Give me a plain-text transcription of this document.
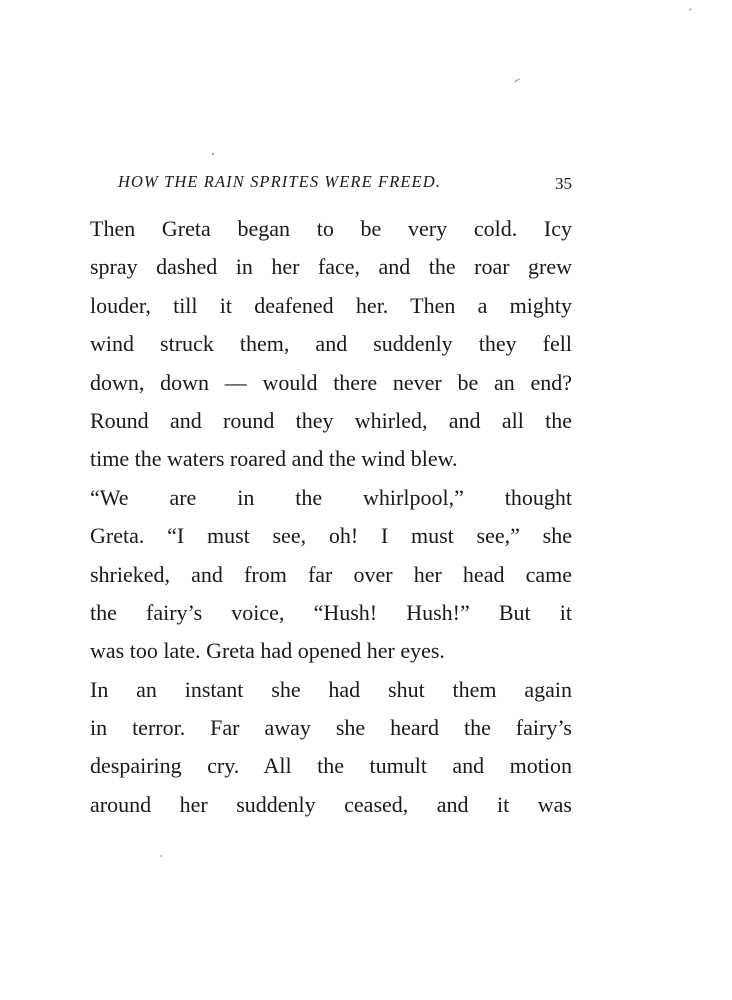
HOW THE RAIN SPRITES WERE FREED.	35
Then Greta began to be very cold. Icy
spray dashed in her face, and the roar grew
louder, till it deafened her. Then a mighty
wind struck them, and suddenly they fell
down, down — would there never be an end?
Round and round they whirled, and all the
time the waters roared and the wind blew.
“We are in the whirlpool,” thought
Greta. “I must see, oh! I must see,” she
shrieked, and from far over her head came
the fairy’s voice, “Hush! Hush!” But it
was too late. Greta had opened her eyes.
In an instant she had shut them again
in terror. Far away she heard the fairy’s
despairing cry. All the tumult and motion
around her suddenly ceased, and it was
